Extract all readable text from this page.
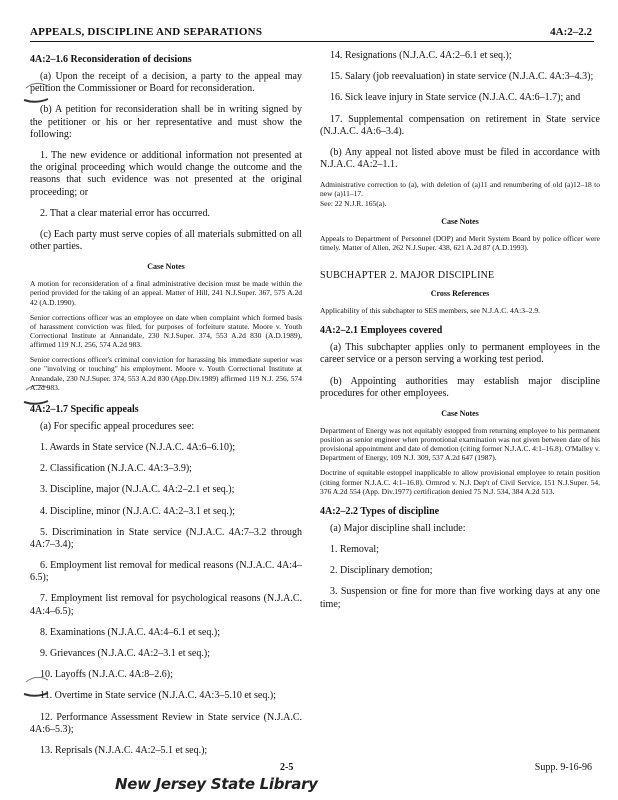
APPEALS, DISCIPLINE AND SEPARATIONS	4A:2–2.2
4A:2–1.6 Reconsideration of decisions
(a) Upon the receipt of a decision, a party to the appeal may petition the Commissioner or Board for reconsideration.
(b) A petition for reconsideration shall be in writing signed by the petitioner or his or her representative and must show the following:
1. The new evidence or additional information not presented at the original proceeding which would change the outcome and the reasons that such evidence was not presented at the original proceeding; or
2. That a clear material error has occurred.
(c) Each party must serve copies of all materials submitted on all other parties.
Case Notes
A motion for reconsideration of a final administrative decision must be made within the period provided for the taking of an appeal. Matter of Hill, 241 N.J.Super. 367, 575 A.2d 42 (A.D.1990).
Senior corrections officer was an employee on date when complaint which formed basis of harassment conviction was filed, for purposes of forfeiture statute. Moore v. Youth Correctional Institute at Annandale, 230 N.J.Super. 374, 553 A.2d 830 (A.D.1989), affirmed 119 N.J. 256, 574 A.2d 983.
Senior corrections officer's criminal conviction for harassing his immediate superior was one "involving or touching" his employment. Moore v. Youth Correctional Institute at Annandale, 230 N.J.Super. 374, 553 A.2d 830 (App.Div.1989) affirmed 119 N.J. 256, 574 A.2d 983.
4A:2–1.7 Specific appeals
(a) For specific appeal procedures see:
1. Awards in State service (N.J.A.C. 4A:6–6.10);
2. Classification (N.J.A.C. 4A:3–3.9);
3. Discipline, major (N.J.A.C. 4A:2–2.1 et seq.);
4. Discipline, minor (N.J.A.C. 4A:2–3.1 et seq.);
5. Discrimination in State service (N.J.A.C. 4A:7–3.2 through 4A:7–3.4);
6. Employment list removal for medical reasons (N.J.A.C. 4A:4–6.5);
7. Employment list removal for psychological reasons (N.J.A.C. 4A:4–6.5);
8. Examinations (N.J.A.C. 4A:4–6.1 et seq.);
9. Grievances (N.J.A.C. 4A:2–3.1 et seq.);
10. Layoffs (N.J.A.C. 4A:8–2.6);
11. Overtime in State service (N.J.A.C. 4A:3–5.10 et seq.);
12. Performance Assessment Review in State service (N.J.A.C. 4A:6–5.3);
13. Reprisals (N.J.A.C. 4A:2–5.1 et seq.);
14. Resignations (N.J.A.C. 4A:2–6.1 et seq.);
15. Salary (job reevaluation) in state service (N.J.A.C. 4A:3–4.3);
16. Sick leave injury in State service (N.J.A.C. 4A:6–1.7); and
17. Supplemental compensation on retirement in State service (N.J.A.C. 4A:6–3.4).
(b) Any appeal not listed above must be filed in accordance with N.J.A.C. 4A:2–1.1.
Administrative correction to (a), with deletion of (a)11 and renumbering of old (a)12–18 to new (a)11–17.
See: 22 N.J.R. 165(a).
Case Notes
Appeals to Department of Personnel (DOP) and Merit System Board by police officer were timely. Matter of Allen, 262 N.J.Super. 438, 621 A.2d 87 (A.D.1993).
SUBCHAPTER 2. MAJOR DISCIPLINE
Cross References
Applicability of this subchapter to SES members, see N.J.A.C. 4A:3–2.9.
4A:2–2.1 Employees covered
(a) This subchapter applies only to permanent employees in the career service or a person serving a working test period.
(b) Appointing authorities may establish major discipline procedures for other employees.
Case Notes
Department of Energy was not equitably estopped from returning employee to his permanent position as senior engineer when promotional examination was not given between date of his provisional appointment and date of demotion (citing former N.J.A.C. 4:1–16.8). O'Malley v. Department of Energy, 109 N.J. 309, 537 A.2d 647 (1987).
Doctrine of equitable estoppel inapplicable to allow provisional employee to retain position (citing former N.J.A.C. 4:1–16.8). Ormrod v. N.J. Dep't of Civil Service, 151 N.J.Super. 54, 376 A.2d 554 (App. Div.1977) certification denied 75 N.J. 534, 384 A.2d 513.
4A:2–2.2 Types of discipline
(a) Major discipline shall include:
1. Removal;
2. Disciplinary demotion;
3. Suspension or fine for more than five working days at any one time;
2-5	Supp. 9-16-96
New Jersey State Library
